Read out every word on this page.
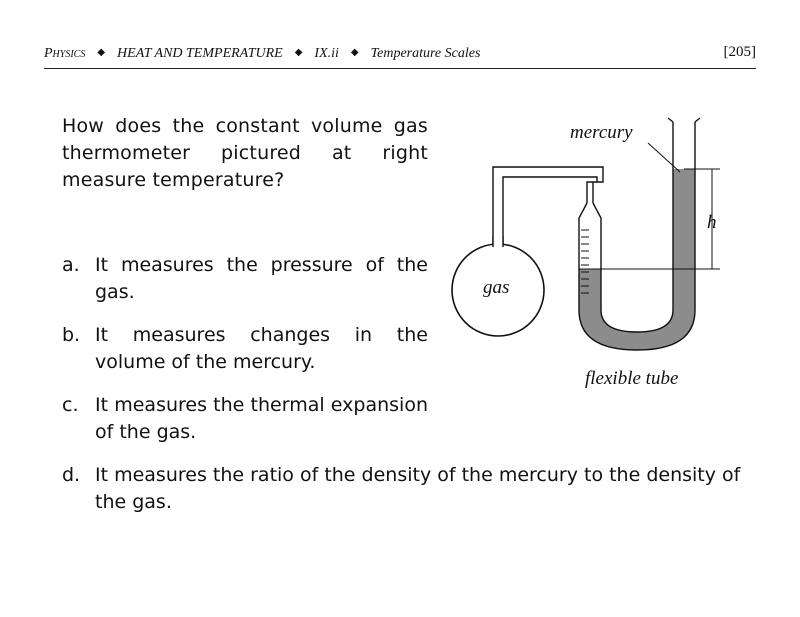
Physics ◆ HEAT AND TEMPERATURE ◆ IX.ii ◆ Temperature Scales	[205]
How does the constant volume gas thermometer pictured at right measure temperature?
a. It measures the pressure of the gas.
b. It measures changes in the volume of the mercury.
c. It measures the thermal expansion of the gas.
d. It measures the ratio of the density of the mercury to the density of the gas.
mercury
h
gas
flexible tube
